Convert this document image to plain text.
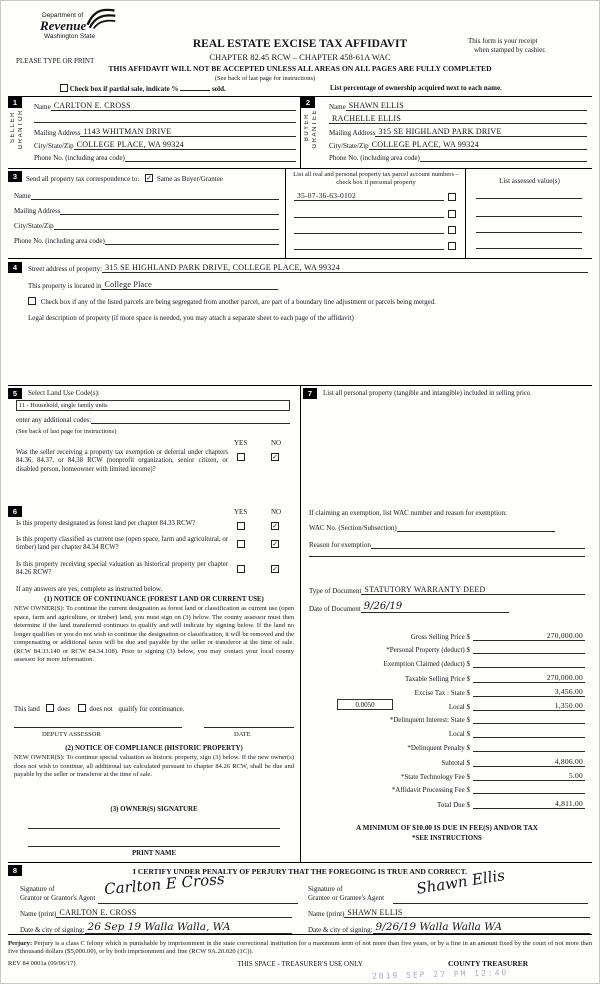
Department of
Revenue
Washington State
REAL ESTATE EXCISE TAX AFFIDAVIT
CHAPTER 82.45 RCW – CHAPTER 458-61A WAC
This form is your receipt
when stamped by cashier.
PLEASE TYPE OR PRINT
THIS AFFIDAVIT WILL NOT BE ACCEPTED UNLESS ALL AREAS ON ALL PAGES ARE FULLY COMPLETED
(See back of last page for instructions)
Check box if partial sale, indicate %	sold.	List percentage of ownership acquired next to each name.
1
SELLER GRANTOR
Name CARLTON E. CROSS
Mailing Address 1143 WHITMAN DRIVE
City/State/Zip COLLEGE PLACE, WA 99324
Phone No. (including area code)
2
BUYER GRANTEE
Name SHAWN ELLIS
RACHELLE ELLIS
Mailing Address 315 SE HIGHLAND PARK DRIVE
City/State/Zip COLLEGE PLACE, WA 99324
Phone No. (including area code)
3	Send all property tax correspondence to: ✓ Same as Buyer/Grantee
Name
Mailing Address
City/State/Zip
Phone No. (including area code)
List all real and personal property tax parcel account numbers – check box if personal property
35-07-36-63-0102
List assessed value(s)
4	Street address of property: 315 SE HIGHLAND PARK DRIVE, COLLEGE PLACE, WA 99324
This property is located in College Place
Check box if any of the listed parcels are being segregated from another parcel, are part of a boundary line adjustment or parcels being merged.
Legal description of property (if more space is needed, you may attach a separate sheet to each page of the affidavit)
5	Select Land Use Code(s):
11 - Household, single family units
enter any additional codes:
(See back of last page for instructions)
YES	NO
Was the seller receiving a property tax exemption or deferral under chapters 84.36, 84.37, or 84.38 RCW (nonprofit organization, senior citizen, or disabled person, homeowner with limited income)?
✓
6	YES	NO
Is this property designated as forest land per chapter 84.33 RCW?	✓
Is this property classified as current use (open space, farm and agricultural, or timber) land per chapter 84.34 RCW?	✓
Is this property receiving special valuation as historical property per chapter 84.26 RCW?	✓
If any answers are yes, complete as instructed below.
(1) NOTICE OF CONTINUANCE (FOREST LAND OR CURRENT USE)
NEW OWNER(S): To continue the current designation as forest land or classification as current use (open space, farm and agriculture, or timber) land, you must sign on (3) below. The county assessor must then determine if the land transferred continues to qualify and will indicate by signing below. If the land no longer qualifies or you do not wish to continue the designation or classification, it will be removed and the compensating or additional taxes will be due and payable by the seller or transferor at the time of sale. (RCW 84.33.140 or RCW 84.34.108). Prior to signing (3) below, you may contact your local county assessor for more information.
This land	does	does not qualify for continuance.
DEPUTY ASSESSOR	DATE
(2) NOTICE OF COMPLIANCE (HISTORIC PROPERTY)
NEW OWNER(S): To continue special valuation as historic property, sign (3) below. If the new owner(s) does not wish to continue, all additional tax calculated pursuant to chapter 84.26 RCW, shall be due and payable by the seller or transferor at the time of sale.
(3) OWNER(S) SIGNATURE
PRINT NAME
7	List all personal property (tangible and intangible) included in selling price.
If claiming an exemption, list WAC number and reason for exemption:
WAC No. (Section/Subsection)
Reason for exemption
Type of Document STATUTORY WARRANTY DEED
Date of Document 9/26/19
Gross Selling Price $	270,000.00
*Personal Property (deduct) $
Exemption Claimed (deduct) $
Taxable Selling Price $	270,000.00
Excise Tax : State $	3,456.00
0.0050	Local $	1,350.00
*Delinquent Interest: State $
Local $
*Delinquent Penalty $
Subtotal $	4,806.00
*State Technology Fee $	5.00
*Affidavit Processing Fee $
Total Due $	4,811.00
A MINIMUM OF $10.00 IS DUE IN FEE(S) AND/OR TAX
*SEE INSTRUCTIONS
8	I CERTIFY UNDER PENALTY OF PERJURY THAT THE FOREGOING IS TRUE AND CORRECT.
Signature of
Grantor or Grantor's Agent Carlton E Cross
Name (print) CARLTON E. CROSS
Date & city of signing: 26 Sep 19 Walla Walla, WA
Signature of
Grantee or Grantee's Agent
Shawn Ellis
Name (print) SHAWN ELLIS
Date & city of signing: 9/26/19 Walla Walla WA

Perjury: Perjury is a class C felony which is punishable by imprisonment in the state correctional institution for a maximum term of not more than five years, or by a fine in an amount fixed by the court of not more than five thousand dollars ($5,000.00), or by both imprisonment and fine (RCW 9A.20.020 (1C)).

REV 84 0001a (09/06/17)	THIS SPACE - TREASURER'S USE ONLY	COUNTY TREASURER
2019 SEP 27 PM 12:40
